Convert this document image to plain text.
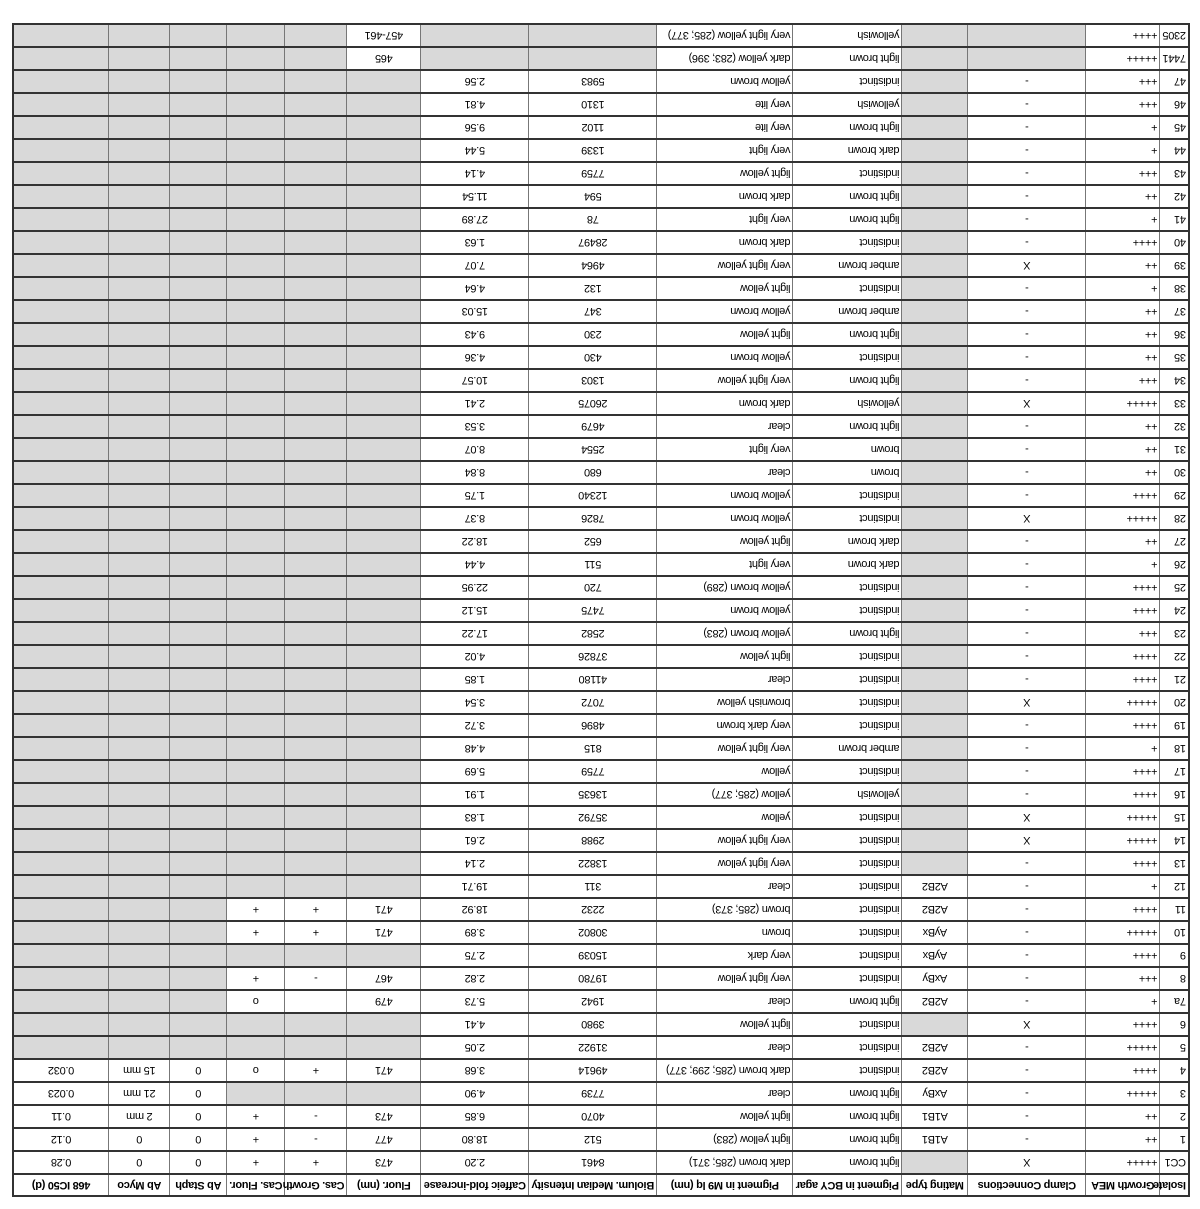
Isolate	Growth MEA	Clamp Connections	Mating type	Pigment in BCY agar	Pigment in M9 lq (nm)	Biolum. Median Intensity	Caffeic fold-increase	Fluor. (nm)	Cas. Growth	Cas. Fluor.	Ab Staph	Ab Myco	468 IC50 (d)
CC1	+++++	X		light brown	dark brown (285; 371)	8461	2.20	473	+	+	0	0	0.28
1	++	-	A1B1	light brown	light yellow (283)	512	18.80	477	-	+	0	0	0.12
2	++	-	A1B1	light brown	light yellow	4070	6.85	473	-	+	0	2 mm	0.11
3	+++++	-	AxBy	light brown	clear	7739	4.90				0	21 mm	0.023
4	++++	-	A2B2	indistinct	dark brown (285; 299; 377)	49614	3.68	471	+	o	0	15 mm	0.032
5	+++++	-	A2B2	indistinct	clear	31922	2.05						
6	++++	X		indistinct	light yellow	3980	4.41						
7a	+	-	A2B2	light brown	clear	1942	5.73	479		o			
8	+++	-	AxBy	indistinct	very light yellow	19780	2.82	467	-	+			
9	++++	-	AyBx	indistinct	very dark	15039	2.75						
10	+++++	-	AyBx	indistinct	brown	30802	3.89	471	+	+			
11	++++	-	A2B2	indistinct	brown (285; 373)	2232	18.92	471	+	+			
12	+	-	A2B2	indistinct	clear	311	19.71						
13	++++	-		indistinct	very light yellow	13822	2.14						
14	+++++	X		indistinct	very light yellow	2988	2.61						
15	+++++	X		indistinct	yellow	35792	1.83						
16	++++	-		yellowish	yellow (285; 377)	13635	1.91						
17	++++	-		indistinct	yellow	7759	5.69						
18	+	-		amber brown	very light yellow	815	4.48						
19	++++	-		indistinct	very dark brown	4896	3.72						
20	+++++	X		indistinct	brownish yellow	7072	3.54						
21	++++	-		indistinct	clear	41180	1.85						
22	++++	-		indistinct	light yellow	37826	4.02						
23	+++	-		light brown	yellow brown (283)	2582	17.22						
24	++++	-		indistinct	yellow brown	7475	15.12						
25	++++	-		indistinct	yellow brown (289)	720	22.95						
26	+	-		dark brown	very light	511	4.44						
27	++	-		dark brown	light yellow	652	18.22						
28	+++++	X		indistinct	yellow brown	7826	8.37						
29	++++	-		indistinct	yellow brown	12340	1.75						
30	++	-		brown	clear	680	8.84						
31	++	-		brown	very light	2554	8.07						
32	++	-		light brown	clear	4679	3.53						
33	+++++	X		yellowish	dark brown	26075	2.41						
34	+++	-		light brown	very light yellow	1303	10.57						
35	++	-		indistinct	yellow brown	430	4.36						
36	++	-		light brown	light yellow	230	9.43						
37	++	-		amber brown	yellow brown	347	15.03						
38	+	-		indistinct	light yellow	132	4.64						
39	++	X		amber brown	very light yellow	4964	7.07						
40	++++	-		indistinct	dark brown	28497	1.63						
41	+	-		light brown	very light	78	27.89						
42	++	-		light brown	dark brown	594	11.54						
43	+++	-		indistinct	light yellow	7759	4.14						
44	+	-		dark brown	very light	1339	5.44						
45	+	-		light brown	very lite	1102	9.56						
46	+++	-		yellowish	very lite	1310	4.81						
47	+++	-		indistinct	yellow brown	5983	2.56						
7441	+++++			light brown	dark yellow (283; 396)			465					
2305	++++			yellowish	very light yellow (285; 377)			457-461					
